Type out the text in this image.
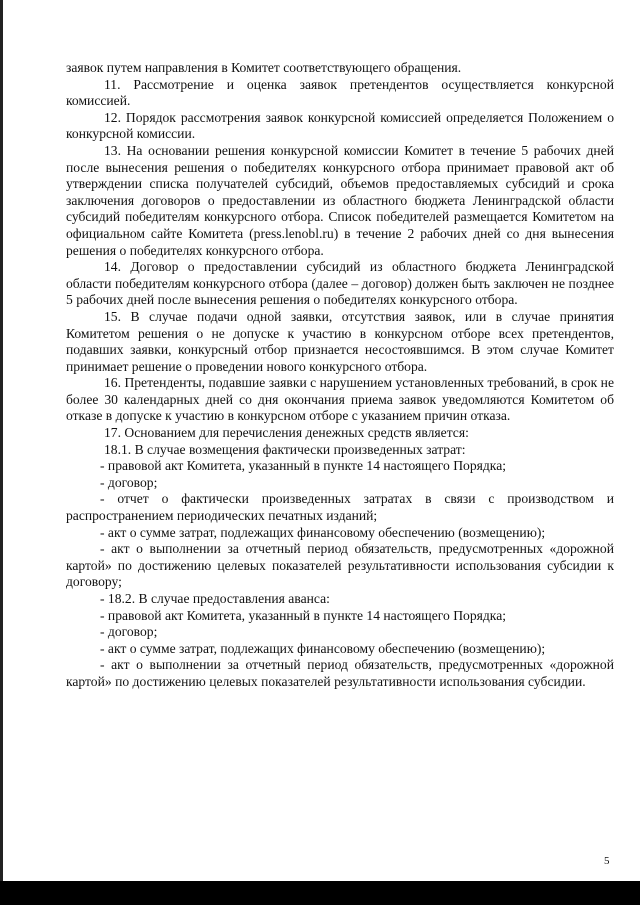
заявок путем направления в Комитет соответствующего обращения.

11. Рассмотрение и оценка заявок претендентов осуществляется конкурсной комиссией.

12. Порядок рассмотрения заявок конкурсной комиссией определяется Положением о конкурсной комиссии.

13. На основании решения конкурсной комиссии Комитет в течение 5 рабочих дней после вынесения решения о победителях конкурсного отбора принимает правовой акт об утверждении списка получателей субсидий, объемов предоставляемых субсидий и срока заключения договоров о предоставлении из областного бюджета Ленинградской области субсидий победителям конкурсного отбора. Список победителей размещается Комитетом на официальном сайте Комитета (press.lenobl.ru) в течение 2 рабочих дней со дня вынесения решения о победителях конкурсного отбора.

14. Договор о предоставлении субсидий из областного бюджета Ленинградской области победителям конкурсного отбора (далее – договор) должен быть заключен не позднее 5 рабочих дней после вынесения решения о победителях конкурсного отбора.

15. В случае подачи одной заявки, отсутствия заявок, или в случае принятия Комитетом решения о не допуске к участию в конкурсном отборе всех претендентов, подавших заявки, конкурсный отбор признается несостоявшимся. В этом случае Комитет принимает решение о проведении нового конкурсного отбора.

16. Претенденты, подавшие заявки с нарушением установленных требований, в срок не более 30 календарных дней со дня окончания приема заявок уведомляются Комитетом об отказе в допуске к участию в конкурсном отборе с указанием причин отказа.

17. Основанием для перечисления денежных средств является:

18.1. В случае возмещения фактически произведенных затрат:

- правовой акт Комитета, указанный в пункте 14 настоящего Порядка;

- договор;

- отчет о фактически произведенных затратах в связи с производством и распространением периодических печатных изданий;

- акт о сумме затрат, подлежащих финансовому обеспечению (возмещению);

- акт о выполнении за отчетный период обязательств, предусмотренных «дорожной картой» по достижению целевых показателей результативности использования субсидии к договору;

- 18.2. В случае предоставления аванса:

- правовой акт Комитета, указанный в пункте 14 настоящего Порядка;

- договор;

- акт о сумме затрат, подлежащих финансовому обеспечению (возмещению);

- акт о выполнении за отчетный период обязательств, предусмотренных «дорожной картой» по достижению целевых показателей результативности использования субсидии.

5
